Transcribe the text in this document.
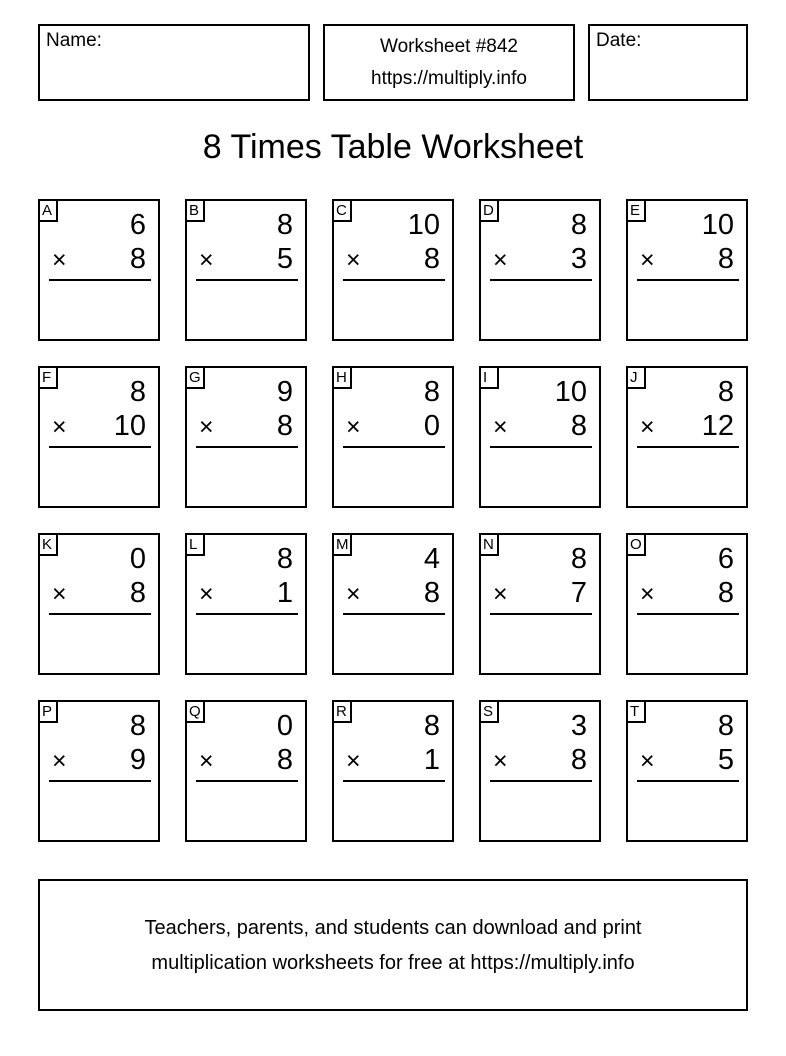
Name:	Worksheet #842
https://multiply.info
Date:
8 Times Table Worksheet
A	6
× 8
B	8
× 5
C 10
× 8
D	8
× 3
E 10
× 8
F	8
× 10
G	9
× 8
H	8
× 0
I	10
× 8
J	8
× 12
K	0
× 8
L	8
× 1
M	4
× 8
N	8
× 7
O	6
× 8
P	8
× 9
Q	0
× 8
R	8
× 1
S	3
× 8
T	8
× 5
Teachers, parents, and students can download and print
multiplication worksheets for free at https://multiply.info
